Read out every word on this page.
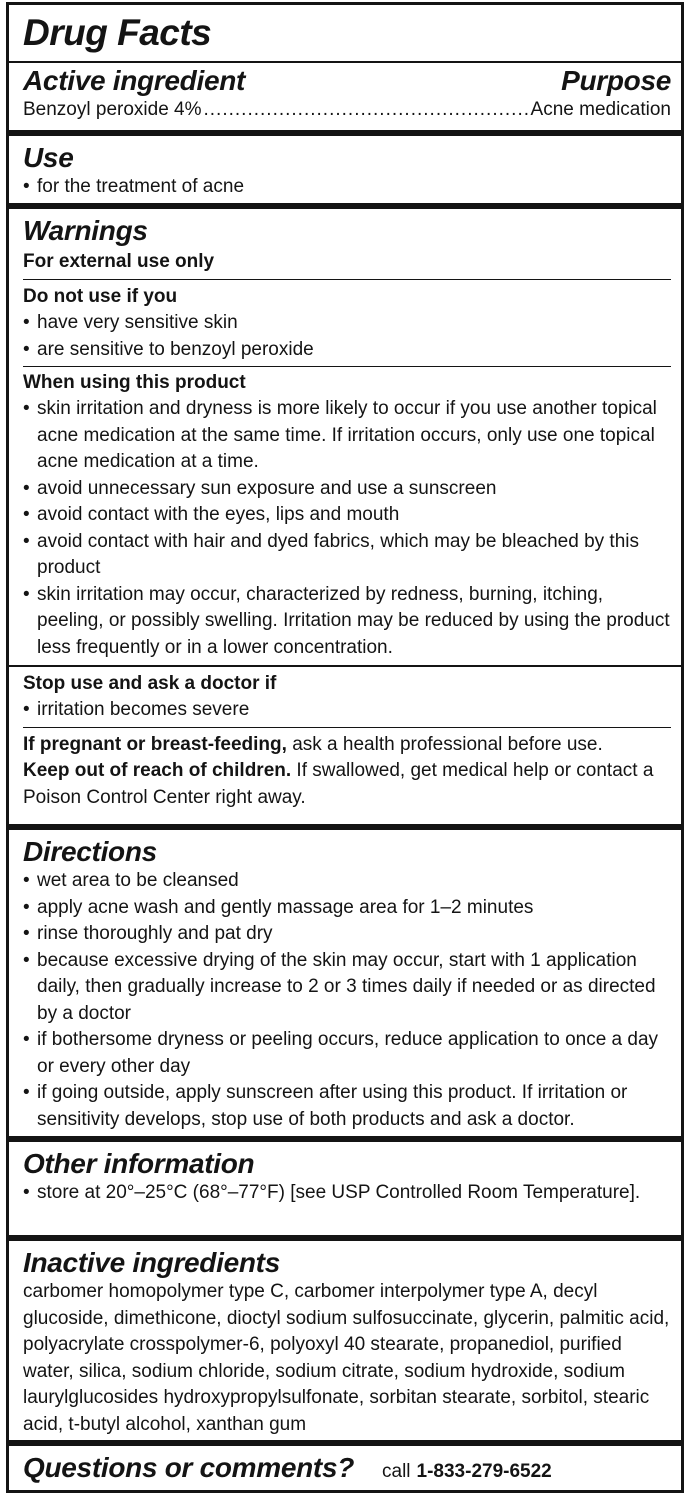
Drug Facts
Active ingredient	Purpose
Benzoyl peroxide 4%
.....	Acne medication
Use
• for the treatment of acne
Warnings
For external use only
Do not use if you
• have very sensitive skin
• are sensitive to benzoyl peroxide
When using this product
• skin irritation and dryness is more likely to occur if you use another topical acne medication at the same time. If irritation occurs, only use one topical acne medication at a time.
• avoid unnecessary sun exposure and use a sunscreen
• avoid contact with the eyes, lips and mouth
• avoid contact with hair and dyed fabrics, which may be bleached by this product
• skin irritation may occur, characterized by redness, burning, itching, peeling, or possibly swelling. Irritation may be reduced by using the product less frequently or in a lower concentration.
Stop use and ask a doctor if
• irritation becomes severe
If pregnant or breast-feeding, ask a health professional before use.
Keep out of reach of children. If swallowed, get medical help or contact a Poison Control Center right away.
Directions
• wet area to be cleansed
• apply acne wash and gently massage area for 1–2 minutes
• rinse thoroughly and pat dry
• because excessive drying of the skin may occur, start with 1 application daily, then gradually increase to 2 or 3 times daily if needed or as directed by a doctor
• if bothersome dryness or peeling occurs, reduce application to once a day or every other day
• if going outside, apply sunscreen after using this product. If irritation or sensitivity develops, stop use of both products and ask a doctor.
Other information
• store at 20°–25°C (68°–77°F) [see USP Controlled Room Temperature].
Inactive ingredients
carbomer homopolymer type C, carbomer interpolymer type A, decyl glucoside, dimethicone, dioctyl sodium sulfosuccinate, glycerin, palmitic acid, polyacrylate crosspolymer-6, polyoxyl 40 stearate, propanediol, purified water, silica, sodium chloride, sodium citrate, sodium hydroxide, sodium laurylglucosides hydroxypropylsulfonate, sorbitan stearate, sorbitol, stearic acid, t-butyl alcohol, xanthan gum
Questions or comments? call 1-833-279-6522
